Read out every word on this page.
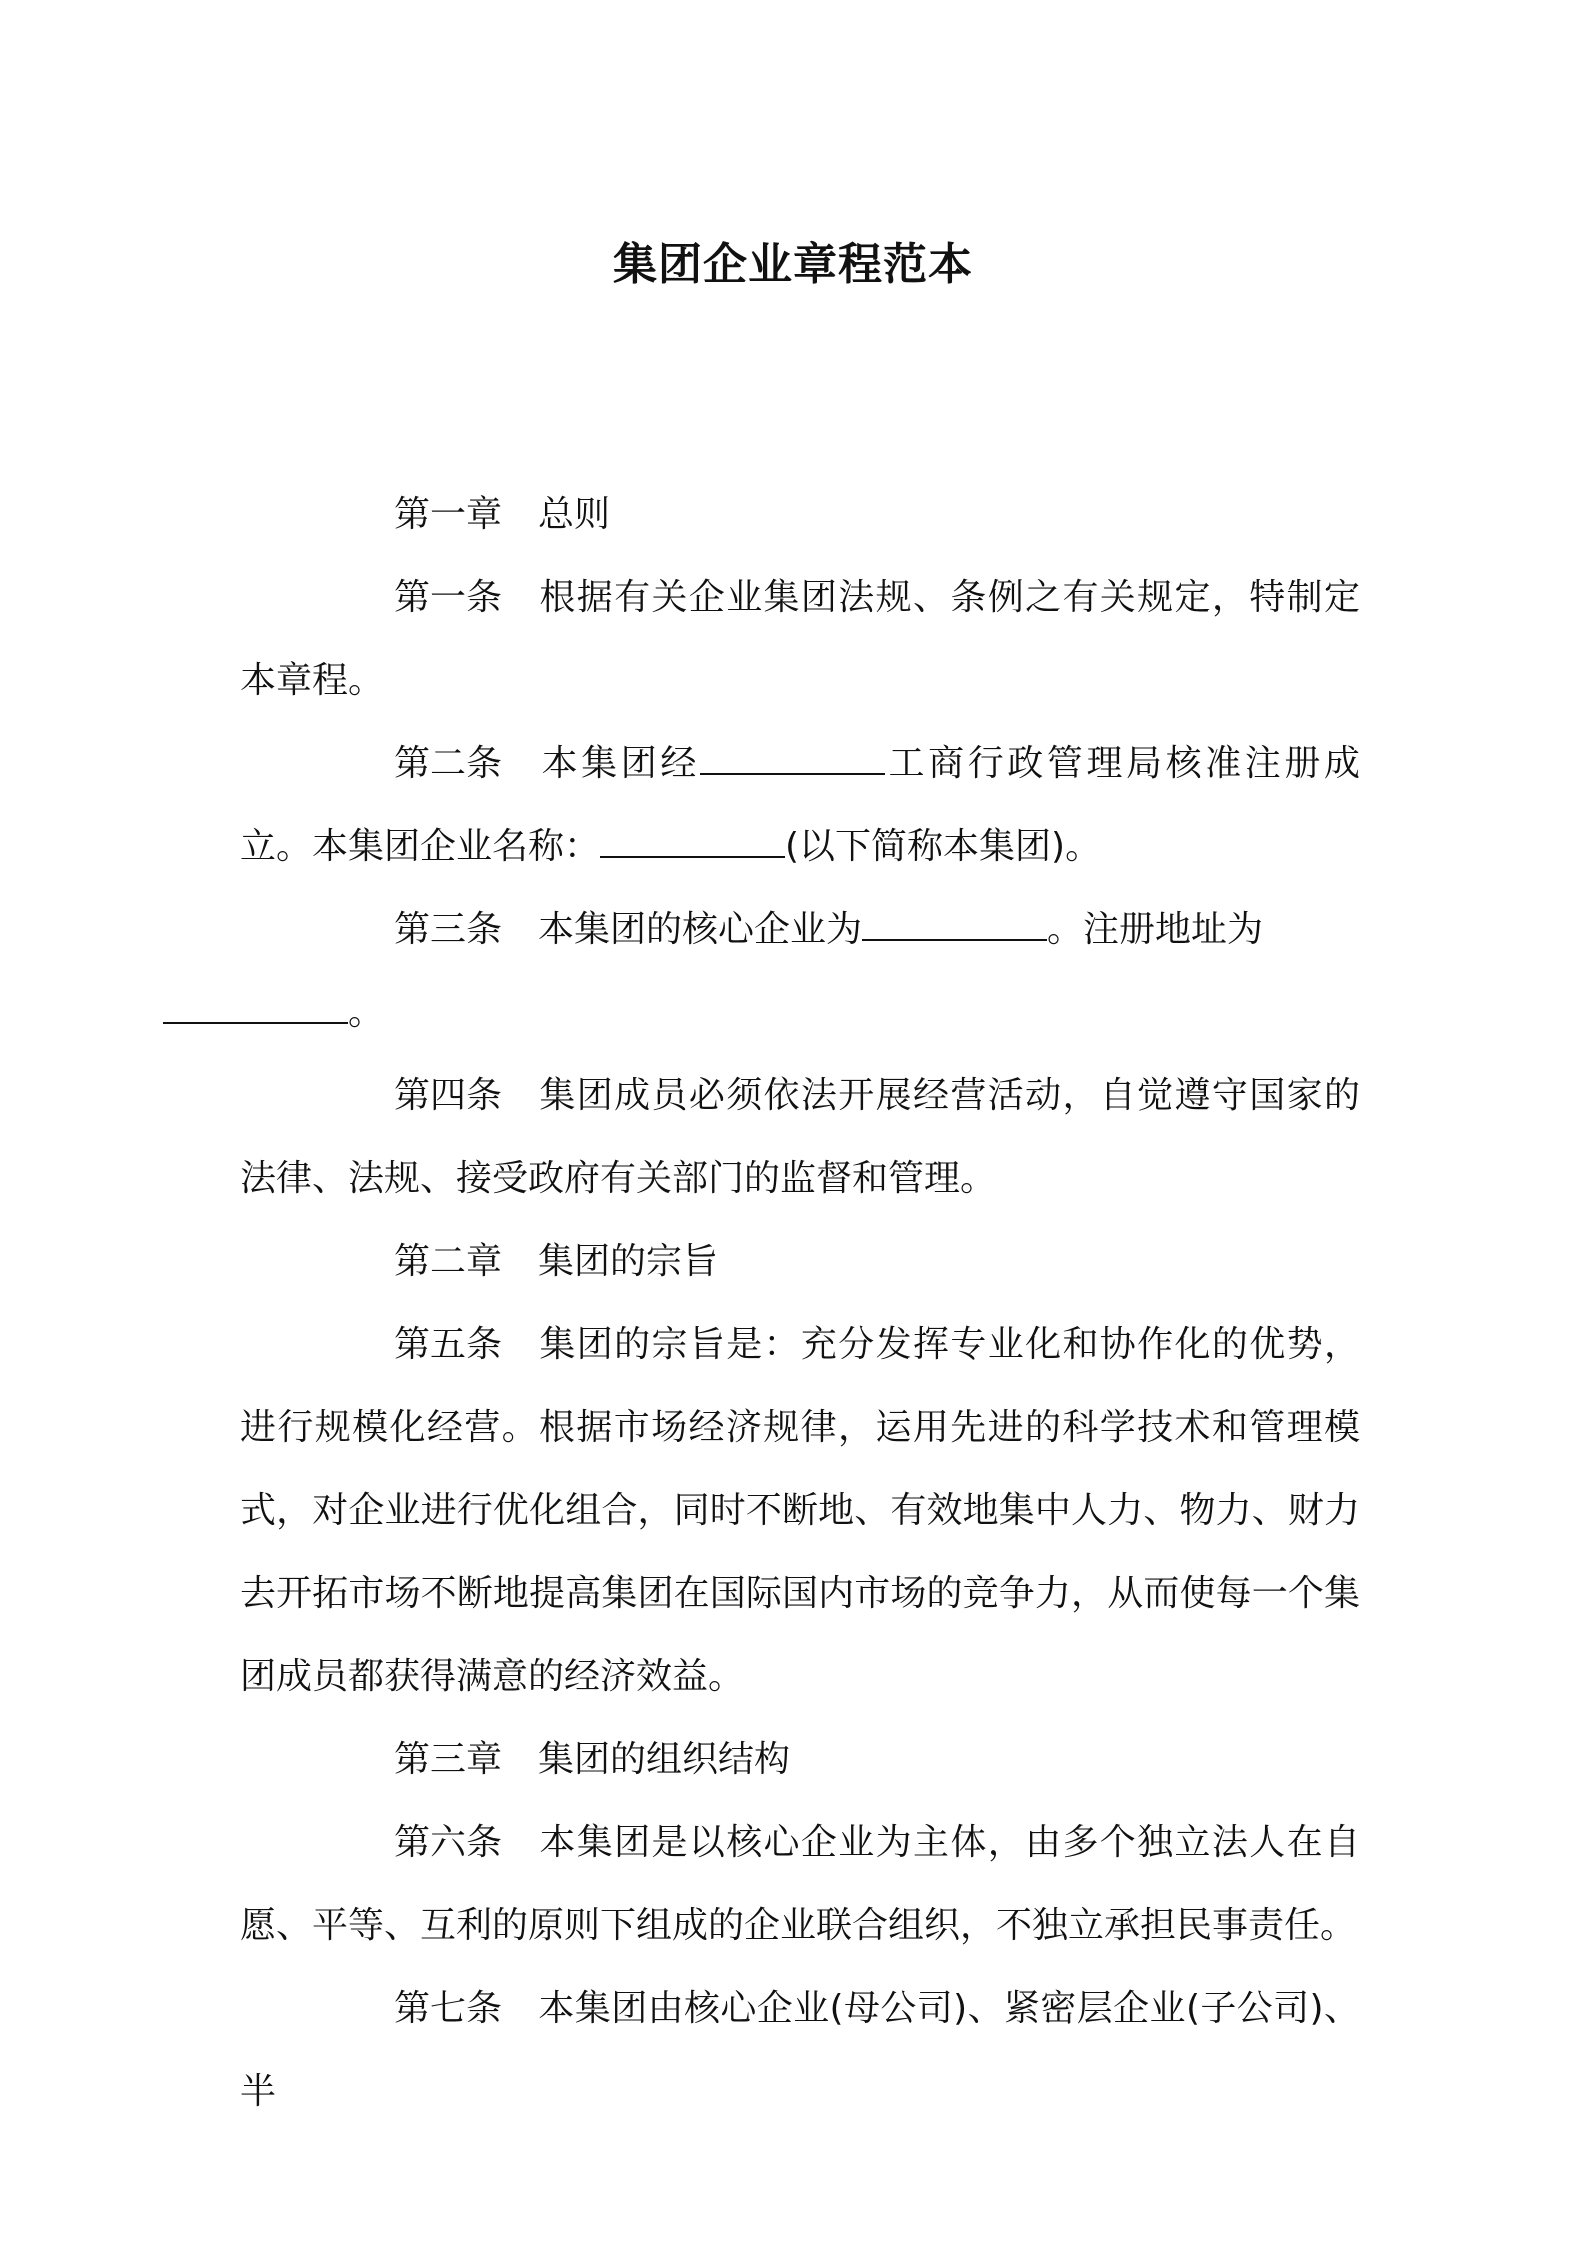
集团企业章程范本

第一章 总则

第一条 根据有关企业集团法规、条例之有关规定，特制定本章程。

第二条 本集团经	工商行政管理局核准注册成立。本集团企业名称：	(以下简称本集团)。

第三条 本集团的核心企业为	。注册地址为
。

第四条 集团成员必须依法开展经营活动，自觉遵守国家的法律、法规、接受政府有关部门的监督和管理。

第二章 集团的宗旨

第五条 集团的宗旨是：充分发挥专业化和协作化的优势，进行规模化经营。根据市场经济规律，运用先进的科学技术和管理模式，对企业进行优化组合，同时不断地、有效地集中人力、物力、财力去开拓市场不断地提高集团在国际国内市场的竞争力，从而使每一个集团成员都获得满意的经济效益。

第三章 集团的组织结构

第六条 本集团是以核心企业为主体，由多个独立法人在自愿、平等、互利的原则下组成的企业联合组织，不独立承担民事责任。

第七条 本集团由核心企业(母公司)、紧密层企业(子公司)、半
